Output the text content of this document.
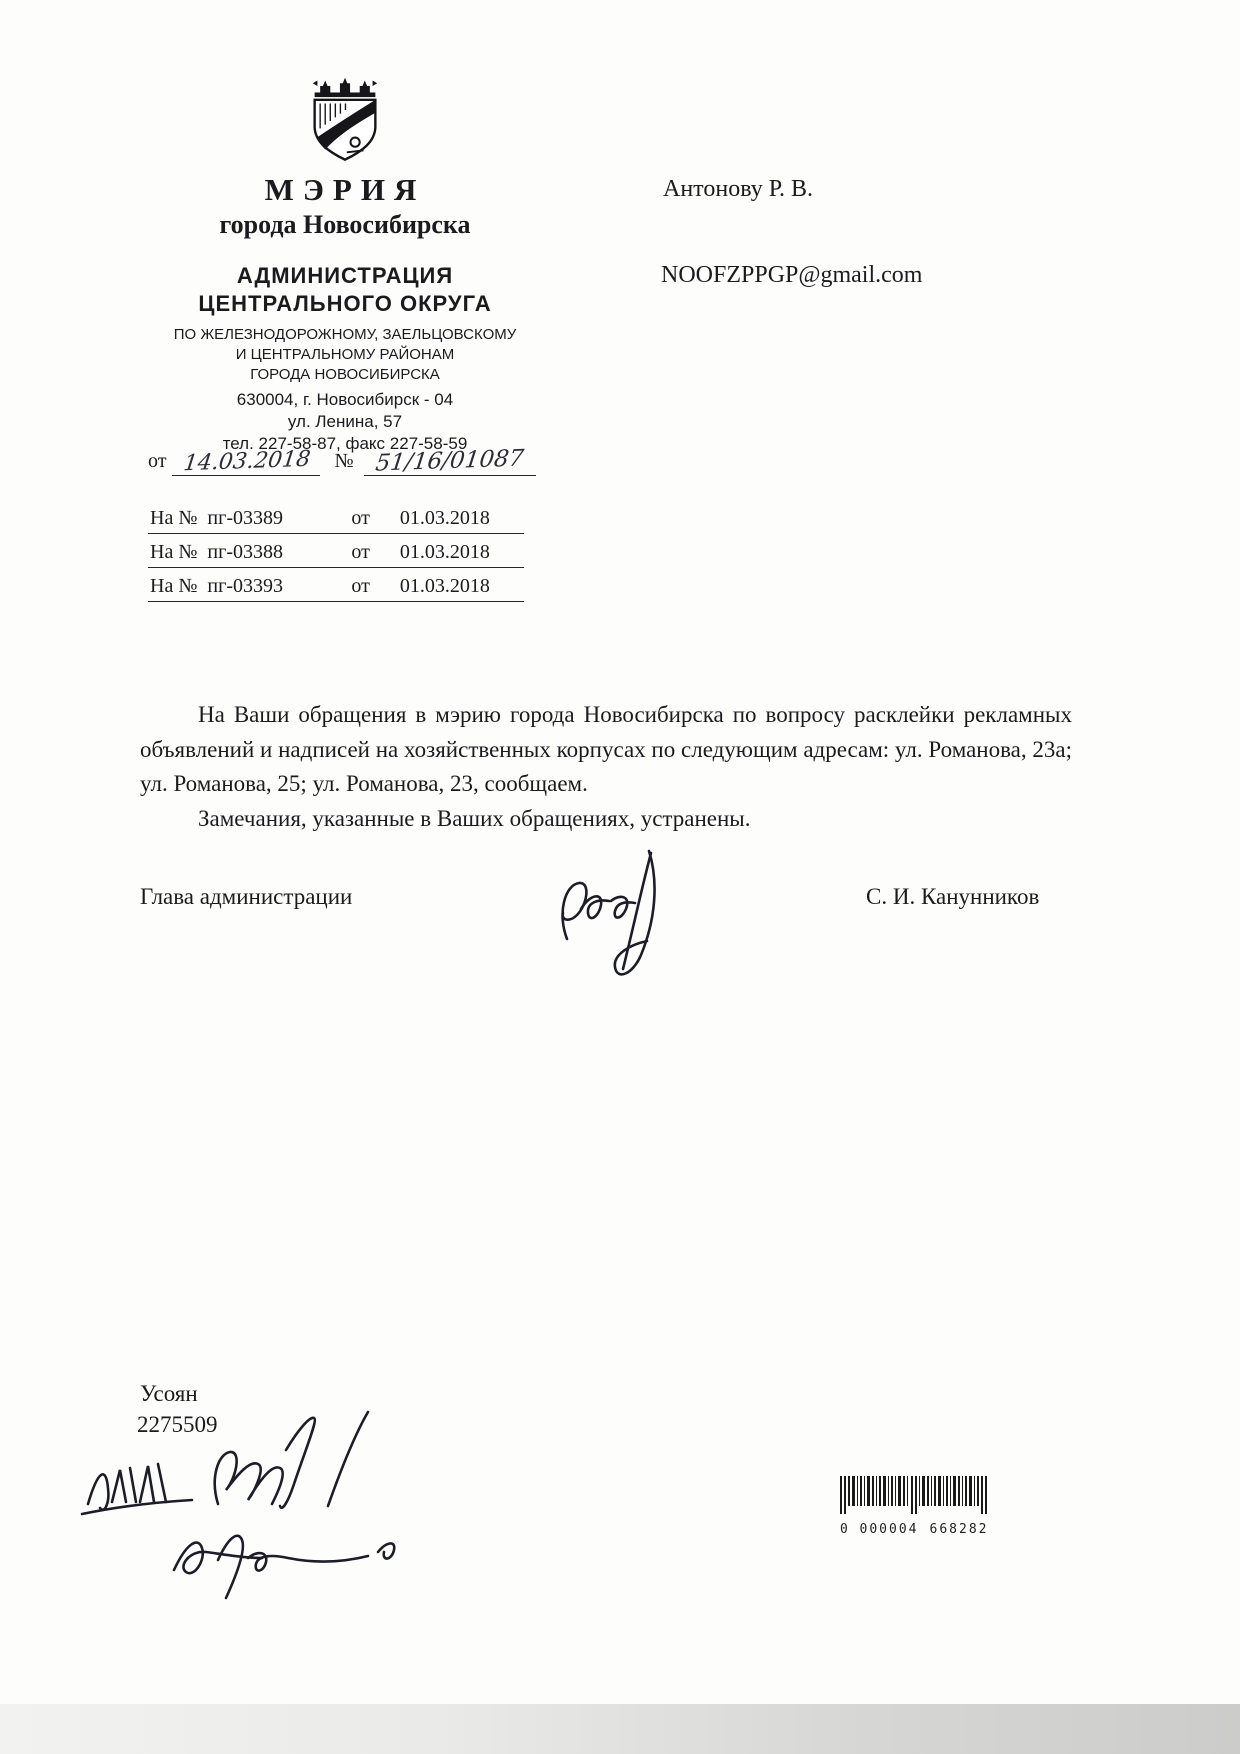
МЭРИЯ
города Новосибирска
АДМИНИСТРАЦИЯ
ЦЕНТРАЛЬНОГО ОКРУГА
ПО ЖЕЛЕЗНОДОРОЖНОМУ, ЗАЕЛЬЦОВСКОМУ
И ЦЕНТРАЛЬНОМУ РАЙОНАМ
ГОРОДА НОВОСИБИРСКА
630004, г. Новосибирск - 04
ул. Ленина, 57
тел. 227-58-87, факс 227-58-59
от 14.03.2018	№ 51/16/01087
На № пг-03389	от 01.03.2018
На № пг-03388	от 01.03.2018
На № пг-03393	от 01.03.2018
Антонову Р. В.
NOOFZPPGP@gmail.com

На Ваши обращения в мэрию города Новосибирска по вопросу расклейки рекламных объявлений и надписей на хозяйственных корпусах по следующим адресам: ул. Романова, 23а; ул. Романова, 25; ул. Романова, 23, сообщаем.

Замечания, указанные в Ваших обращениях, устранены.

Глава администрации	С. И. Канунников
Усоян
2275509
0 000004 668282
